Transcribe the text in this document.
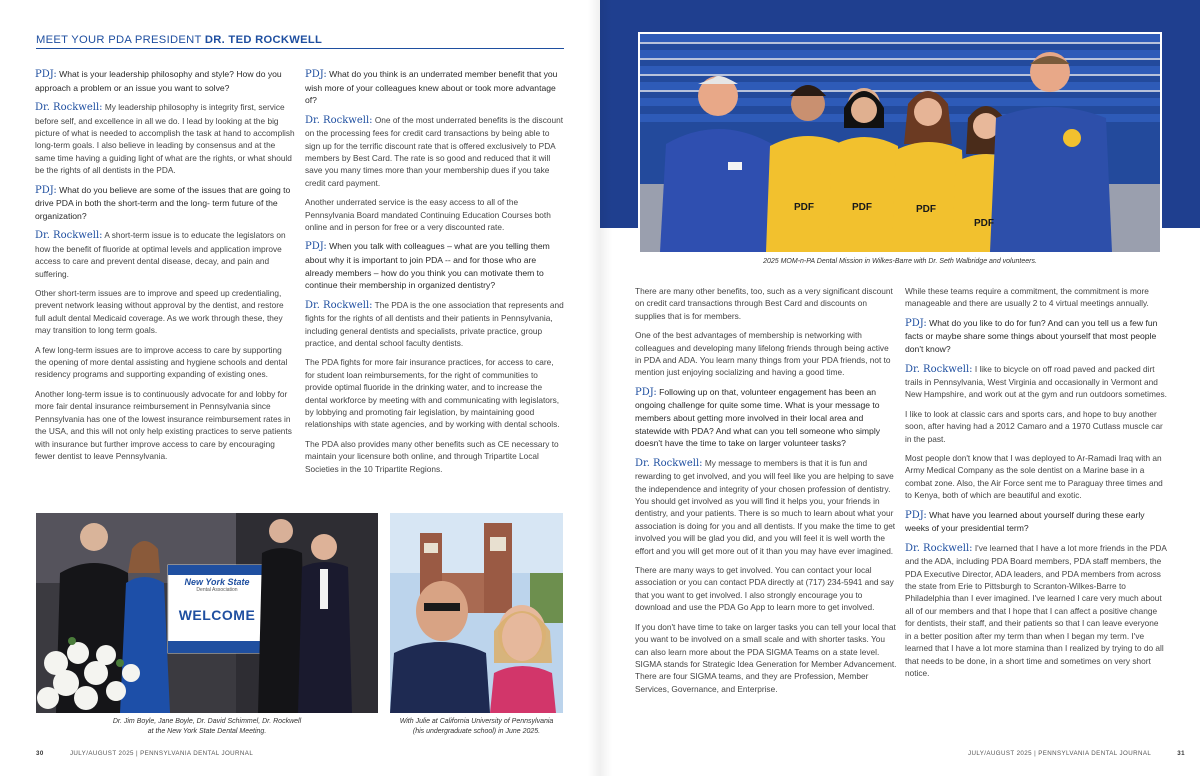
MEET YOUR PDA PRESIDENT DR. TED ROCKWELL

PDJ: What is your leadership philosophy and style? How do you approach a problem or an issue you want to solve?

Dr. Rockwell: My leadership philosophy is integrity first, service before self, and excellence in all we do. I lead by looking at the big picture of what is needed to accomplish the task at hand to accomplish long-term goals. I also believe in leading by consensus and at the same time having a guiding light of what are the rights, or what should be the rights of all dentists in the PDA.

PDJ: What do you believe are some of the issues that are going to drive PDA in both the short-term and the long- term future of the organization?

Dr. Rockwell: A short-term issue is to educate the legislators on how the benefit of fluoride at optimal levels and application improve access to care and prevent dental disease, decay, and pain and suffering.

Other short-term issues are to improve and speed up credentialing, prevent network leasing without approval by the dentist, and restore full adult dental Medicaid coverage. As we work through these, they may transition to long term goals.

A few long-term issues are to improve access to care by supporting the opening of more dental assisting and hygiene schools and dental residency programs and supporting expanding of existing ones.

Another long-term issue is to continuously advocate for and lobby for more fair dental insurance reimbursement in Pennsylvania since Pennsylvania has one of the lowest insurance reimbursement rates in the USA, and this will not only help existing practices to serve patients with insurance but further improve access to care by encouraging fewer dentist to leave Pennsylvania.

PDJ: What do you think is an underrated member benefit that you wish more of your colleagues knew about or took more advantage of?

Dr. Rockwell: One of the most underrated benefits is the discount on the processing fees for credit card transactions by being able to sign up for the terrific discount rate that is offered exclusively to PDA members by Best Card. The rate is so good and reduced that it will save you many times more than your membership dues if you take credit card payment.

Another underrated service is the easy access to all of the Pennsylvania Board mandated Continuing Education Courses both online and in person for free or a very discounted rate.

PDJ: When you talk with colleagues – what are you telling them about why it is important to join PDA -- and for those who are already members – how do you think you can motivate them to continue their membership in organized dentistry?

Dr. Rockwell: The PDA is the one association that represents and fights for the rights of all dentists and their patients in Pennsylvania, including general dentists and specialists, private practice, group practice, and dental school faculty dentists.

The PDA fights for more fair insurance practices, for access to care, for student loan reimbursements, for the right of communities to provide optimal fluoride in the drinking water, and to increase the dental workforce by meeting with and communicating with legislators, by lobbying and promoting fair legislation, by maintaining good relationships with state agencies, and by working with dental schools.

The PDA also provides many other benefits such as CE necessary to maintain your licensure both online, and through Tripartite Local Societies in the 10 Tripartite Regions.

New York State
Dental Association
WELCOME
Dr. Jim Boyle, Jane Boyle, Dr. David Schimmel, Dr. Rockwell
at the New York State Dental Meeting.
With Julie at California University of Pennsylvania
(his undergraduate school) in June 2025.
30	JULY/AUGUST 2025 | PENNSYLVANIA DENTAL JOURNAL
PDF	PDF	PDF
PDF
2025 MOM-n-PA Dental Mission in Wilkes-Barre with Dr. Seth Walbridge and volunteers.

There are many other benefits, too, such as a very significant discount on credit card transactions through Best Card and discounts on supplies that is for members.

One of the best advantages of membership is networking with colleagues and developing many lifelong friends through being active in PDA and ADA. You learn many things from your PDA friends, not to mention just enjoying socializing and having a good time.

PDJ: Following up on that, volunteer engagement has been an ongoing challenge for quite some time. What is your message to members about getting more involved in their local area and statewide with PDA? And what can you tell someone who simply doesn't have the time to take on larger volunteer tasks?

Dr. Rockwell: My message to members is that it is fun and rewarding to get involved, and you will feel like you are helping to save the independence and integrity of your chosen profession of dentistry. You should get involved as you will find it helps you, your friends in dentistry, and your patients. There is so much to learn about what your association is doing for you and all dentists. If you make the time to get involved you will be glad you did, and you will feel it is well worth the effort and you will get more out of it than you may have ever imagined.

There are many ways to get involved. You can contact your local association or you can contact PDA directly at (717) 234-5941 and say that you want to get involved. I also strongly encourage you to download and use the PDA Go App to learn more to get involved.

If you don't have time to take on larger tasks you can tell your local that you want to be involved on a small scale and with shorter tasks. You can also learn more about the PDA SIGMA Teams on a state level. SIGMA stands for Strategic Idea Generation for Member Advancement. There are four SIGMA teams, and they are Profession, Member Services, Governance, and Enterprise.

While these teams require a commitment, the commitment is more manageable and there are usually 2 to 4 virtual meetings annually.

PDJ: What do you like to do for fun? And can you tell us a few fun facts or maybe share some things about yourself that most people don't know?

Dr. Rockwell: I like to bicycle on off road paved and packed dirt trails in Pennsylvania, West Virginia and occasionally in Vermont and New Hampshire, and work out at the gym and run outdoors sometimes.

I like to look at classic cars and sports cars, and hope to buy another soon, after having had a 2012 Camaro and a 1970 Cutlass muscle car in the past.

Most people don't know that I was deployed to Ar-Ramadi Iraq with an Army Medical Company as the sole dentist on a Marine base in a combat zone. Also, the Air Force sent me to Paraguay three times and to Kenya, both of which are beautiful and exotic.

PDJ: What have you learned about yourself during these early weeks of your presidential term?

Dr. Rockwell: I've learned that I have a lot more friends in the PDA and the ADA, including PDA Board members, PDA staff members, the PDA Executive Director, ADA leaders, and PDA members from across the state from Erie to Pittsburgh to Scranton-Wilkes-Barre to Philadelphia than I ever imagined. I've learned I care very much about all of our members and that I hope that I can affect a positive change for dentists, their staff, and their patients so that I can leave everyone in a better position after my term than when I began my term. I've learned that I have a lot more stamina than I realized by trying to do all that needs to be done, in a short time and sometimes on very short notice.

JULY/AUGUST 2025 | PENNSYLVANIA DENTAL JOURNAL	31
